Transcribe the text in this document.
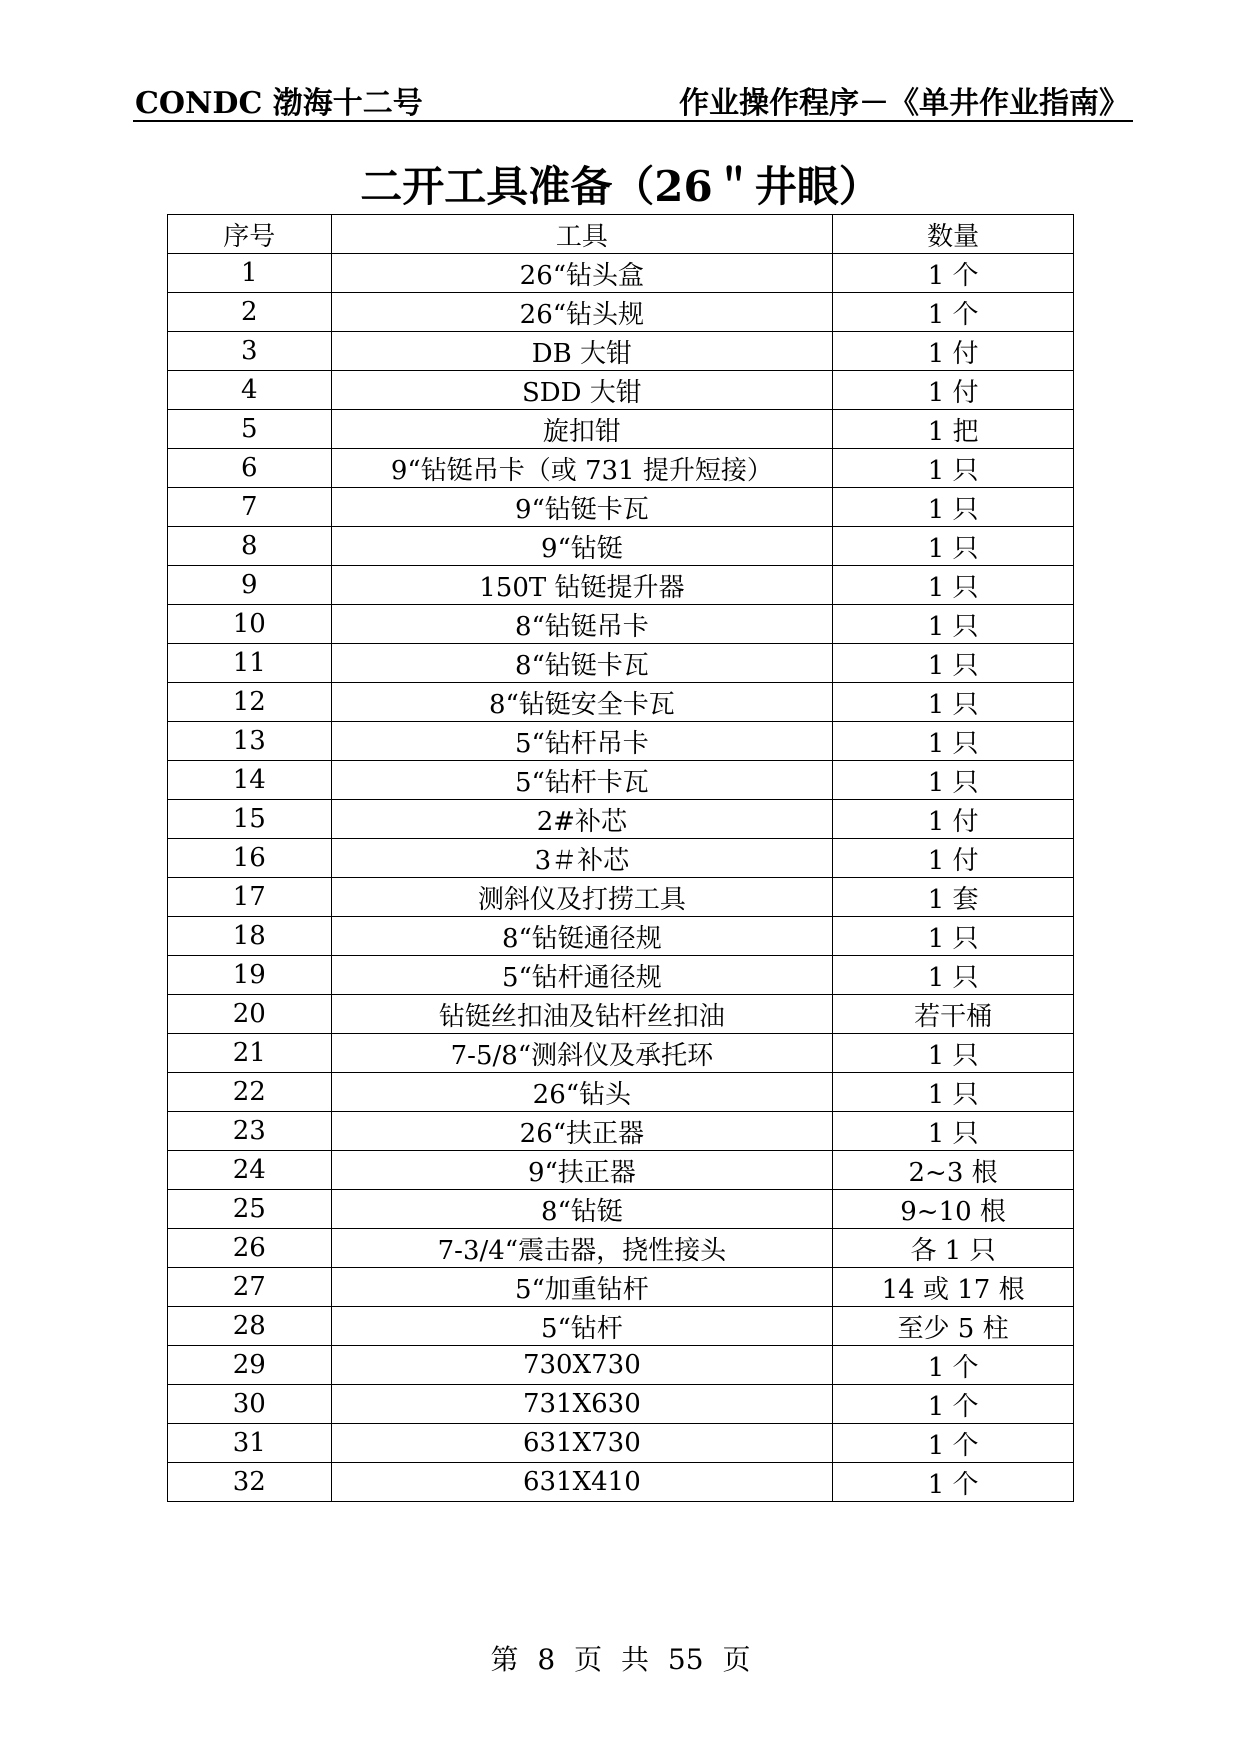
CONDC 渤海十二号	作业操作程序－《单井作业指南》
二开工具准备（26＂井眼）
序号	工具	数量
1	26“钻头盒	1 个
2	26“钻头规	1 个
3	DB 大钳	1 付
4	SDD 大钳	1 付
5	旋扣钳	1 把
6	9“钻铤吊卡（或 731 提升短接）	1 只
7	9“钻铤卡瓦	1 只
8	9“钻铤	1 只
9	150T 钻铤提升器	1 只
10	8“钻铤吊卡	1 只
11	8“钻铤卡瓦	1 只
12	8“钻铤安全卡瓦	1 只
13	5“钻杆吊卡	1 只
14	5“钻杆卡瓦	1 只
15	2#补芯	1 付
16	3＃补芯	1 付
17	测斜仪及打捞工具	1 套
18	8“钻铤通径规	1 只
19	5“钻杆通径规	1 只
20	钻铤丝扣油及钻杆丝扣油	若干桶
21	7-5/8“测斜仪及承托环	1 只
22	26“钻头	1 只
23	26“扶正器	1 只
24	9“扶正器	2~3 根
25	8“钻铤	9~10 根
26	7-3/4“震击器，挠性接头	各 1 只
27	5“加重钻杆	14 或 17 根
28	5“钻杆	至少 5 柱
29	730X730	1 个
30	731X630	1 个
31	631X730	1 个
32	631X410	1 个
第 8 页 共 55 页
